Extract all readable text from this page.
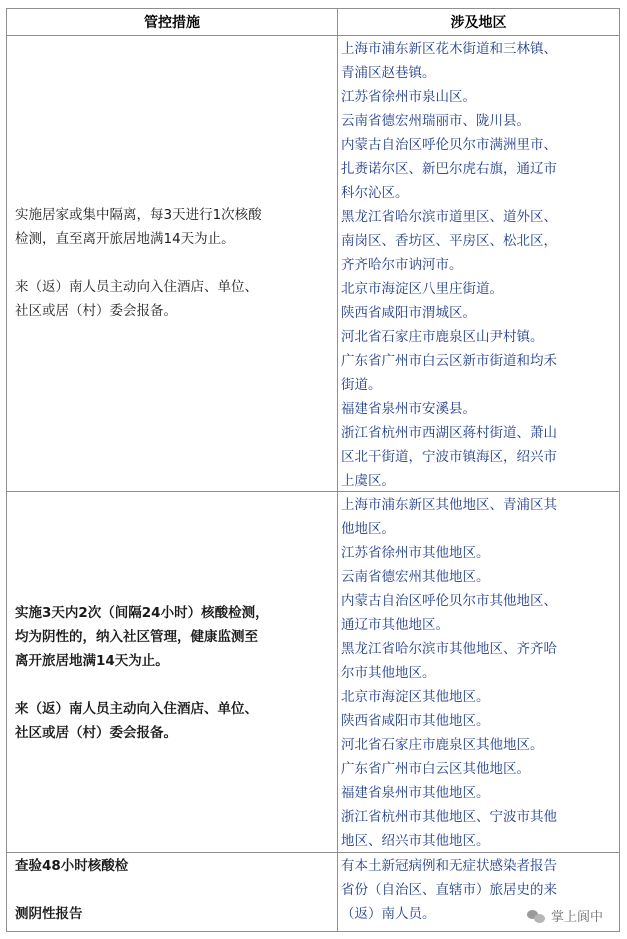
管控措施	涉及地区

实施居家或集中隔离，每3天进行1次核酸

检测，直至离开旅居地满14天为止。

来（返）南人员主动向入住酒店、单位、

社区或居（村）委会报备。

上海市浦东新区花木街道和三林镇、
青浦区赵巷镇。
江苏省徐州市泉山区。
云南省德宏州瑞丽市、陇川县。
内蒙古自治区呼伦贝尔市满洲里市、
扎赉诺尔区、新巴尔虎右旗，通辽市
科尔沁区。
黑龙江省哈尔滨市道里区、道外区、
南岗区、香坊区、平房区、松北区，
齐齐哈尔市讷河市。
北京市海淀区八里庄街道。
陕西省咸阳市渭城区。
河北省石家庄市鹿泉区山尹村镇。
广东省广州市白云区新市街道和均禾
街道。
福建省泉州市安溪县。
浙江省杭州市西湖区蒋村街道、萧山
区北干街道，宁波市镇海区，绍兴市
上虞区。

实施3天内2次（间隔24小时）核酸检测，

均为阴性的，纳入社区管理，健康监测至

离开旅居地满14天为止。

来（返）南人员主动向入住酒店、单位、

社区或居（村）委会报备。

上海市浦东新区其他地区、青浦区其
他地区。
江苏省徐州市其他地区。
云南省德宏州其他地区。
内蒙古自治区呼伦贝尔市其他地区、
通辽市其他地区。
黑龙江省哈尔滨市其他地区、齐齐哈
尔市其他地区。
北京市海淀区其他地区。
陕西省咸阳市其他地区。
河北省石家庄市鹿泉区其他地区。
广东省广州市白云区其他地区。
福建省泉州市其他地区。
浙江省杭州市其他地区、宁波市其他
地区、绍兴市其他地区。

查验48小时核酸检

测阴性报告

有本土新冠病例和无症状感染者报告
省份（自治区、直辖市）旅居史的来
（返）南人员。	掌上阆中
